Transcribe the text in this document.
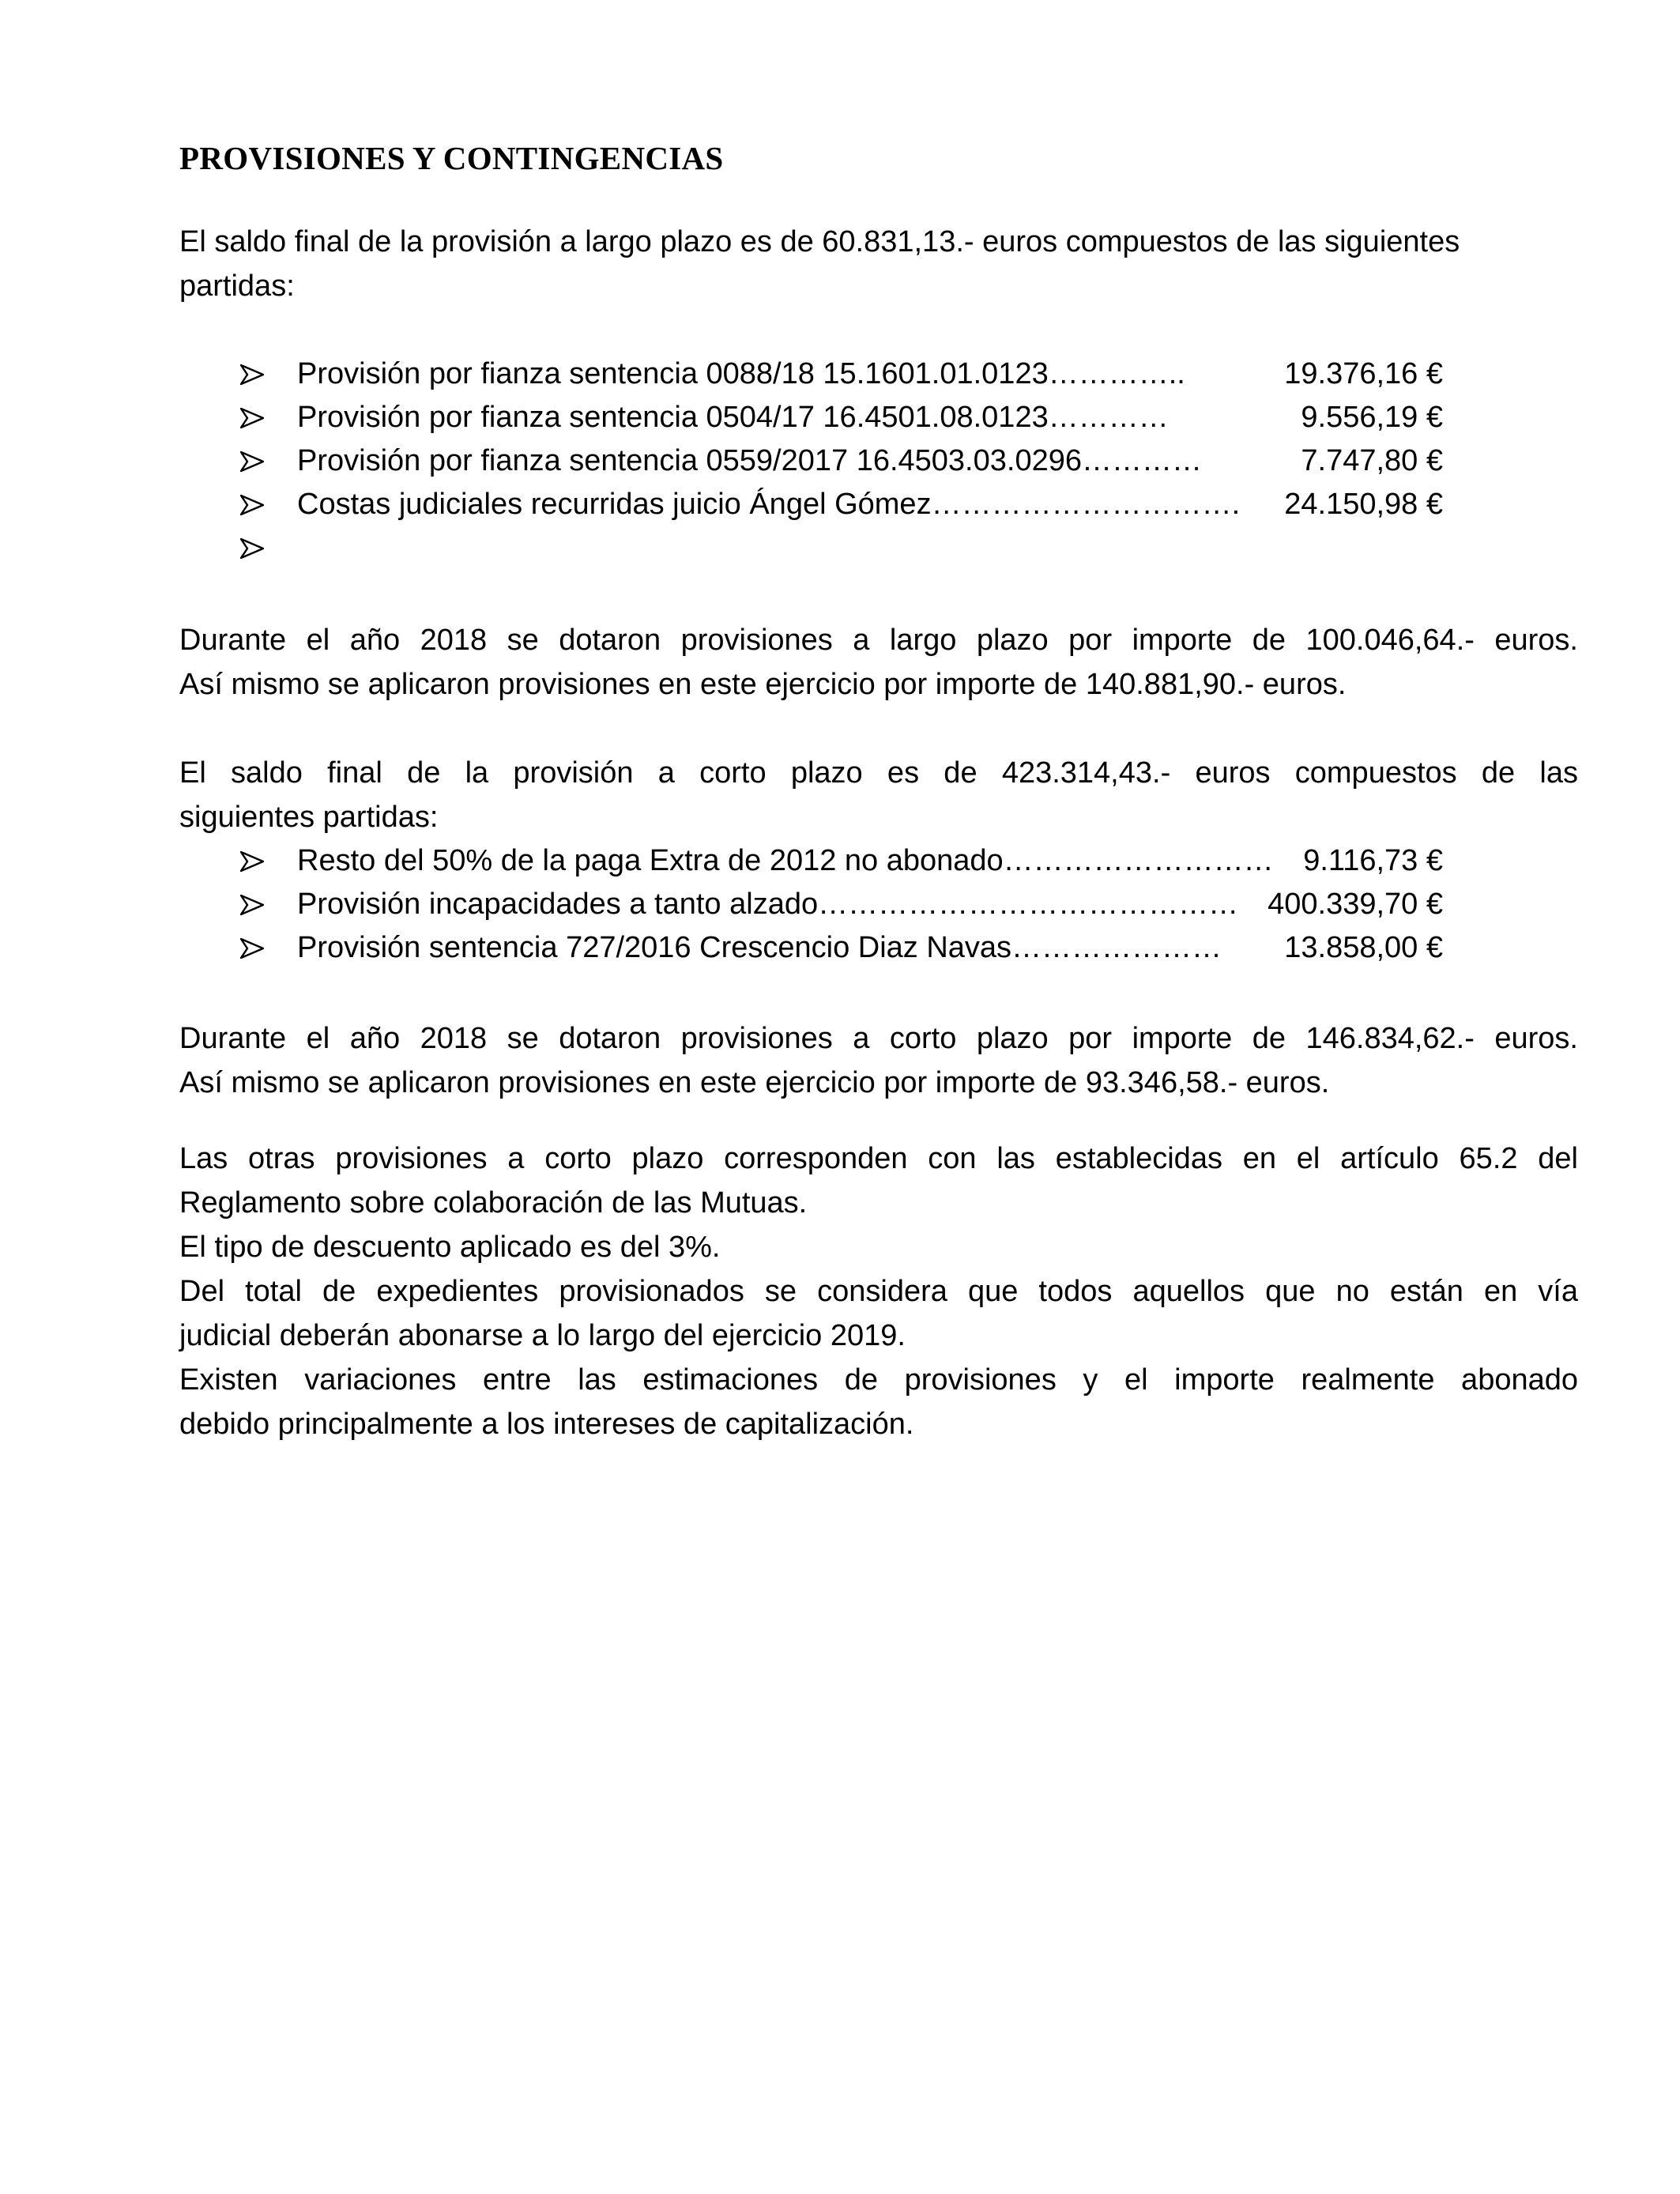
PROVISIONES Y CONTINGENCIAS
El saldo final de la provisión a largo plazo es de 60.831,13.- euros compuestos de las siguientes
partidas:
Provisión por fianza sentencia 0088/18 15.1601.01.0123…………..	19.376,16 €
Provisión por fianza sentencia 0504/17 16.4501.08.0123…………	9.556,19 €
Provisión por fianza sentencia 0559/2017 16.4503.03.0296…………	7.747,80 €
Costas judiciales recurridas juicio Ángel Gómez…………………………. 24.150,98 €
Durante el año 2018 se dotaron provisiones a largo plazo por importe de 100.046,64.- euros.
Así mismo se aplicaron provisiones en este ejercicio por importe de 140.881,90.- euros.
El saldo final de la provisión a corto plazo es de 423.314,43.- euros compuestos de las
siguientes partidas:
Resto del 50% de la paga Extra de 2012 no abonado……………………… 9.116,73 €
Provisión incapacidades a tanto alzado…………………………………… 400.339,70 €
Provisión sentencia 727/2016 Crescencio Diaz Navas………………… 13.858,00 €
Durante el año 2018 se dotaron provisiones a corto plazo por importe de 146.834,62.- euros.
Así mismo se aplicaron provisiones en este ejercicio por importe de 93.346,58.- euros.
Las otras provisiones a corto plazo corresponden con las establecidas en el artículo 65.2 del
Reglamento sobre colaboración de las Mutuas.
El tipo de descuento aplicado es del 3%.
Del total de expedientes provisionados se considera que todos aquellos que no están en vía
judicial deberán abonarse a lo largo del ejercicio 2019.
Existen variaciones entre las estimaciones de provisiones y el importe realmente abonado
debido principalmente a los intereses de capitalización.
